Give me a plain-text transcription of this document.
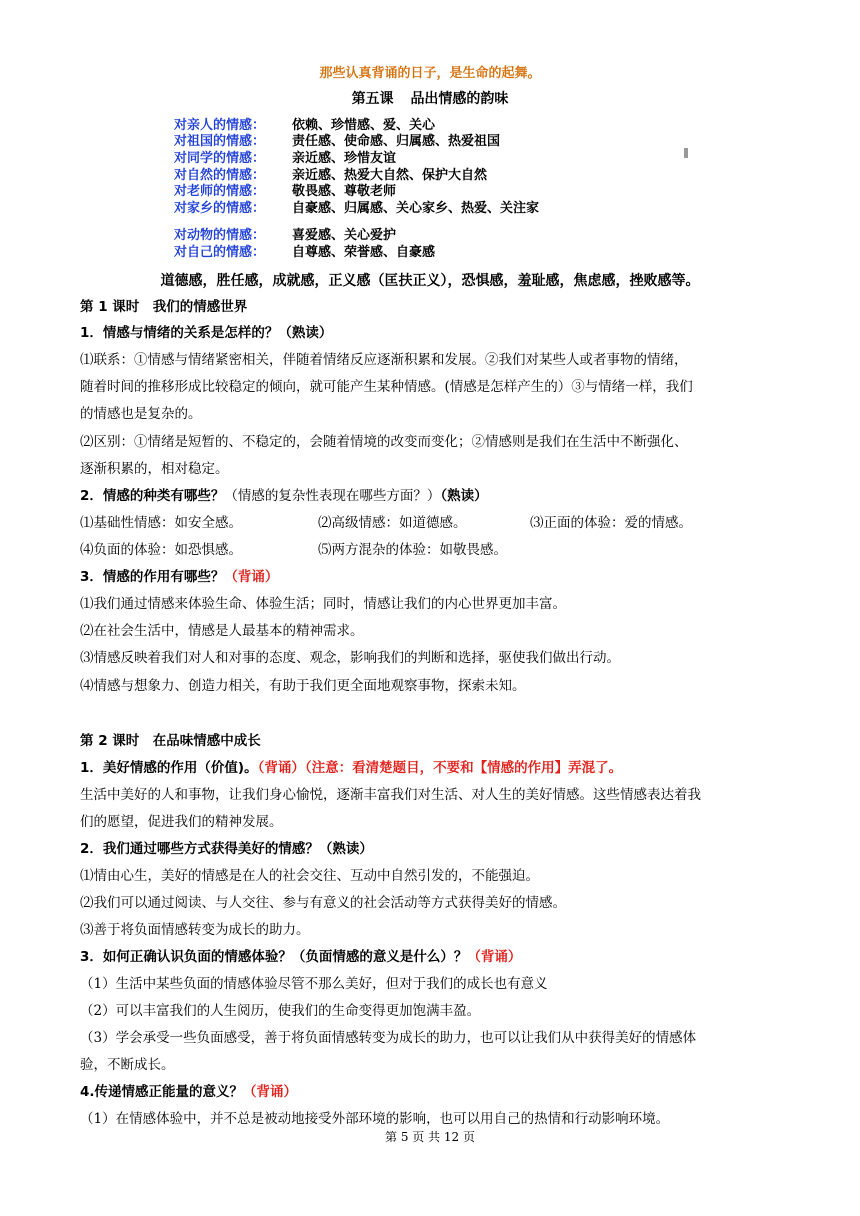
那些认真背诵的日子，是生命的起舞。
第五课 品出情感的韵味
对亲人的情感： 依赖、珍惜感、爱、关心
对祖国的情感： 责任感、使命感、归属感、热爱祖国
对同学的情感： 亲近感、珍惜友谊
对自然的情感： 亲近感、热爱大自然、保护大自然
对老师的情感： 敬畏感、尊敬老师
对家乡的情感： 自豪感、归属感、关心家乡、热爱、关注家
对动物的情感： 喜爱感、关心爱护
对自己的情感： 自尊感、荣誉感、自豪感
道德感，胜任感，成就感，正义感（匡扶正义），恐惧感，羞耻感，焦虑感，挫败感等。
第 1 课时　我们的情感世界
1．情感与情绪的关系是怎样的？（熟读）
⑴联系：①情感与情绪紧密相关，伴随着情绪反应逐渐积累和发展。②我们对某些人或者事物的情绪，
随着时间的推移形成比较稳定的倾向，就可能产生某种情感。(情感是怎样产生的）③与情绪一样，我们
的情感也是复杂的。
⑵区别：①情绪是短暂的、不稳定的，会随着情境的改变而变化；②情感则是我们在生活中不断强化、
逐渐积累的，相对稳定。
2．情感的种类有哪些？（情感的复杂性表现在哪些方面？）（熟读）
⑴基础性情感：如安全感。	⑵高级情感：如道德感。	⑶正面的体验：爱的情感。
⑷负面的体验：如恐惧感。	⑸两方混杂的体验：如敬畏感。
3．情感的作用有哪些？（背诵）
⑴我们通过情感来体验生命、体验生活；同时，情感让我们的内心世界更加丰富。
⑵在社会生活中，情感是人最基本的精神需求。
⑶情感反映着我们对人和对事的态度、观念，影响我们的判断和选择，驱使我们做出行动。
⑷情感与想象力、创造力相关，有助于我们更全面地观察事物，探索未知。
第 2 课时　在品味情感中成长
1．美好情感的作用（价值)。（背诵）（注意：看清楚题目，不要和【情感的作用】弄混了。
生活中美好的人和事物，让我们身心愉悦，逐渐丰富我们对生活、对人生的美好情感。这些情感表达着我
们的愿望，促进我们的精神发展。
2．我们通过哪些方式获得美好的情感？（熟读）
⑴情由心生，美好的情感是在人的社会交往、互动中自然引发的，不能强迫。
⑵我们可以通过阅读、与人交往、参与有意义的社会活动等方式获得美好的情感。
⑶善于将负面情感转变为成长的助力。
3．如何正确认识负面的情感体验？（负面情感的意义是什么）？（背诵）
（1）生活中某些负面的情感体验尽管不那么美好，但对于我们的成长也有意义
（2）可以丰富我们的人生阅历，使我们的生命变得更加饱满丰盈。
（3）学会承受一些负面感受，善于将负面情感转变为成长的助力，也可以让我们从中获得美好的情感体
验，不断成长。
4.传递情感正能量的意义？（背诵）
（1）在情感体验中，并不总是被动地接受外部环境的影响，也可以用自己的热情和行动影响环境。
第 5 页 共 12 页
